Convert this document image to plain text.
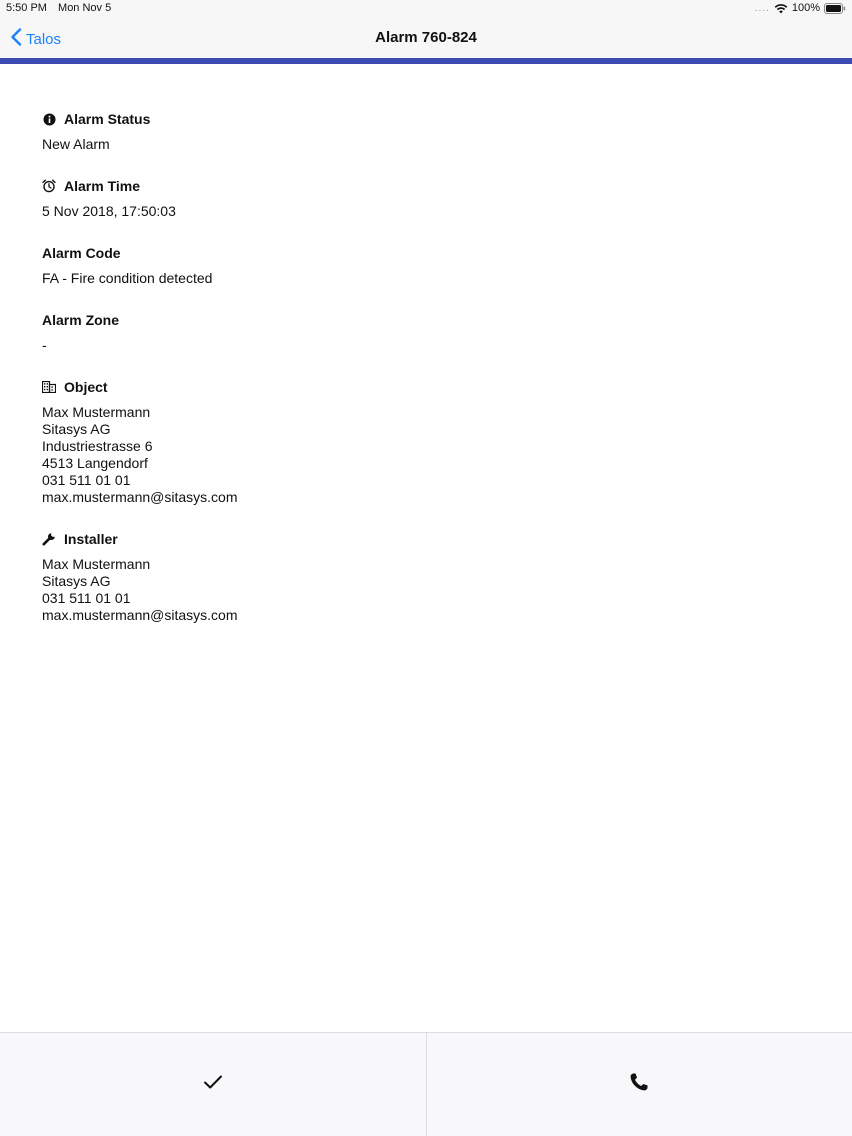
5:50 PM Mon Nov 5	.... 100%
Talos	Alarm 760-824
Alarm Status
New Alarm
Alarm Time
5 Nov 2018, 17:50:03
Alarm Code
FA - Fire condition detected
Alarm Zone
-
Object
Max Mustermann
Sitasys AG
Industriestrasse 6
4513 Langendorf
031 511 01 01
max.mustermann@sitasys.com
Installer
Max Mustermann
Sitasys AG
031 511 01 01
max.mustermann@sitasys.com
